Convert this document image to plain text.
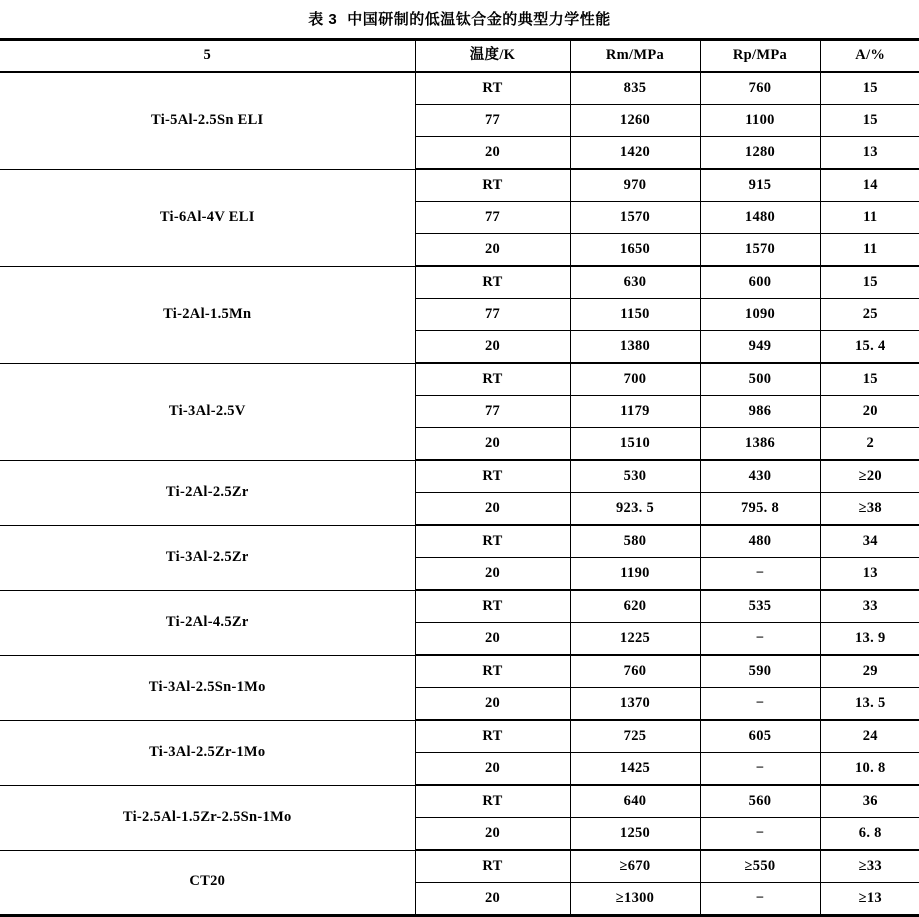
表 3 中国研制的低温钛合金的典型力学性能
5	温度/K	Rm/MPa	Rp/MPa	A/%
Ti-5Al-2.5Sn ELI	RT	835	760	15
	77	1260	1100	15
	20	1420	1280	13
Ti-6Al-4V ELI	RT	970	915	14
	77	1570	1480	11
	20	1650	1570	11
Ti-2Al-1.5Mn	RT	630	600	15
	77	1150	1090	25
	20	1380	949	15. 4
Ti-3Al-2.5V	RT	700	500	15
	77	1179	986	20
	20	1510	1386	2
Ti-2Al-2.5Zr	RT	530	430	≥20
	20	923. 5	795. 8	≥38
Ti-3Al-2.5Zr	RT	580	480	34
	20	1190	−	13
Ti-2Al-4.5Zr	RT	620	535	33
	20	1225	−	13. 9
Ti-3Al-2.5Sn-1Mo	RT	760	590	29
	20	1370	−	13. 5
Ti-3Al-2.5Zr-1Mo	RT	725	605	24
	20	1425	−	10. 8
Ti-2.5Al-1.5Zr-2.5Sn-1Mo	RT	640	560	36
	20	1250	−	6. 8
CT20	RT	≥670	≥550	≥33
	20	≥1300	−	≥13
